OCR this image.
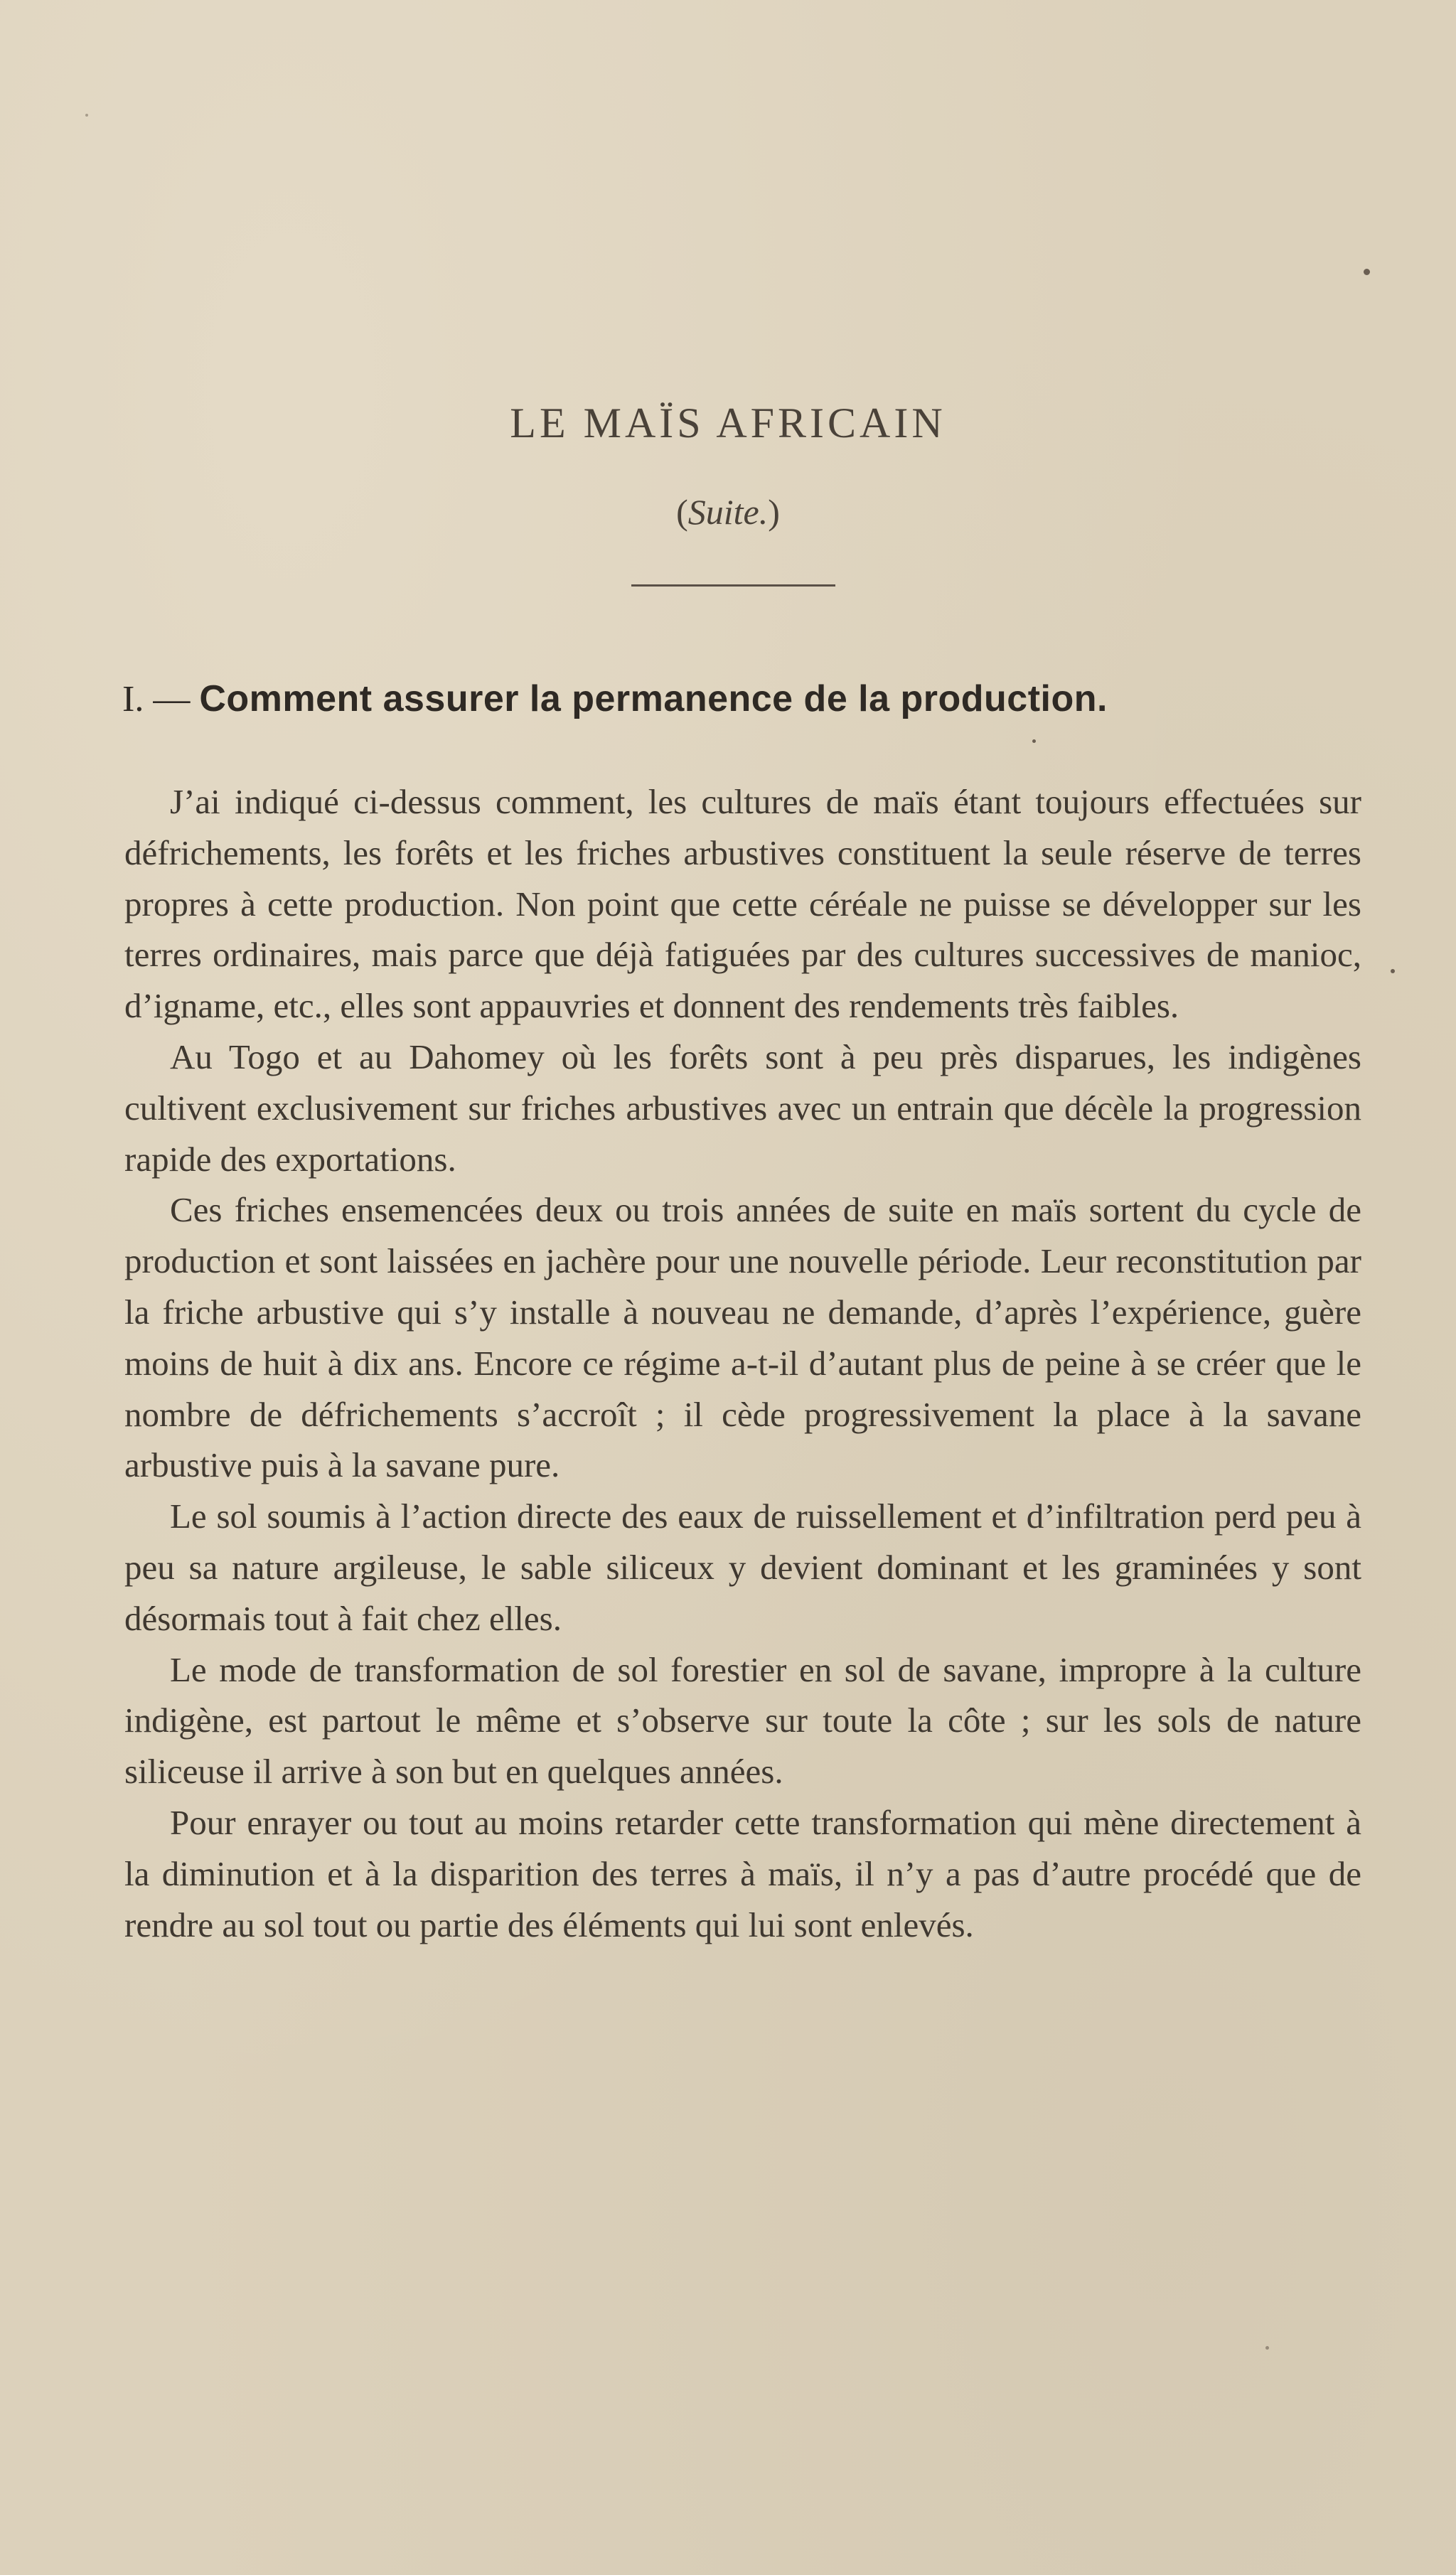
LE MAÏS AFRICAIN
(Suite.)
I. — Comment assurer la permanence de la production.

J’ai indiqué ci-dessus comment, les cultures de maïs étant toujours effectuées sur défrichements, les forêts et les friches arbustives constituent la seule réserve de terres propres à cette production. Non point que cette céréale ne puisse se développer sur les terres ordinaires, mais parce que déjà fatiguées par des cultures successives de manioc, d’igname, etc., elles sont appauvries et donnent des rendements très faibles.

Au Togo et au Dahomey où les forêts sont à peu près disparues, les indigènes cultivent exclusivement sur friches arbustives avec un entrain que décèle la progression rapide des exportations.

Ces friches ensemencées deux ou trois années de suite en maïs sortent du cycle de production et sont laissées en jachère pour une nouvelle période. Leur reconstitution par la friche arbustive qui s’y installe à nouveau ne demande, d’après l’expérience, guère moins de huit à dix ans. Encore ce régime a-t-il d’autant plus de peine à se créer que le nombre de défrichements s’accroît ; il cède progressivement la place à la savane arbustive puis à la savane pure.

Le sol soumis à l’action directe des eaux de ruissellement et d’infiltration perd peu à peu sa nature argileuse, le sable siliceux y devient dominant et les graminées y sont désormais tout à fait chez elles.

Le mode de transformation de sol forestier en sol de savane, impropre à la culture indigène, est partout le même et s’observe sur toute la côte ; sur les sols de nature siliceuse il arrive à son but en quelques années.

Pour enrayer ou tout au moins retarder cette transformation qui mène directement à la diminution et à la disparition des terres à maïs, il n’y a pas d’autre procédé que de rendre au sol tout ou partie des éléments qui lui sont enlevés.
